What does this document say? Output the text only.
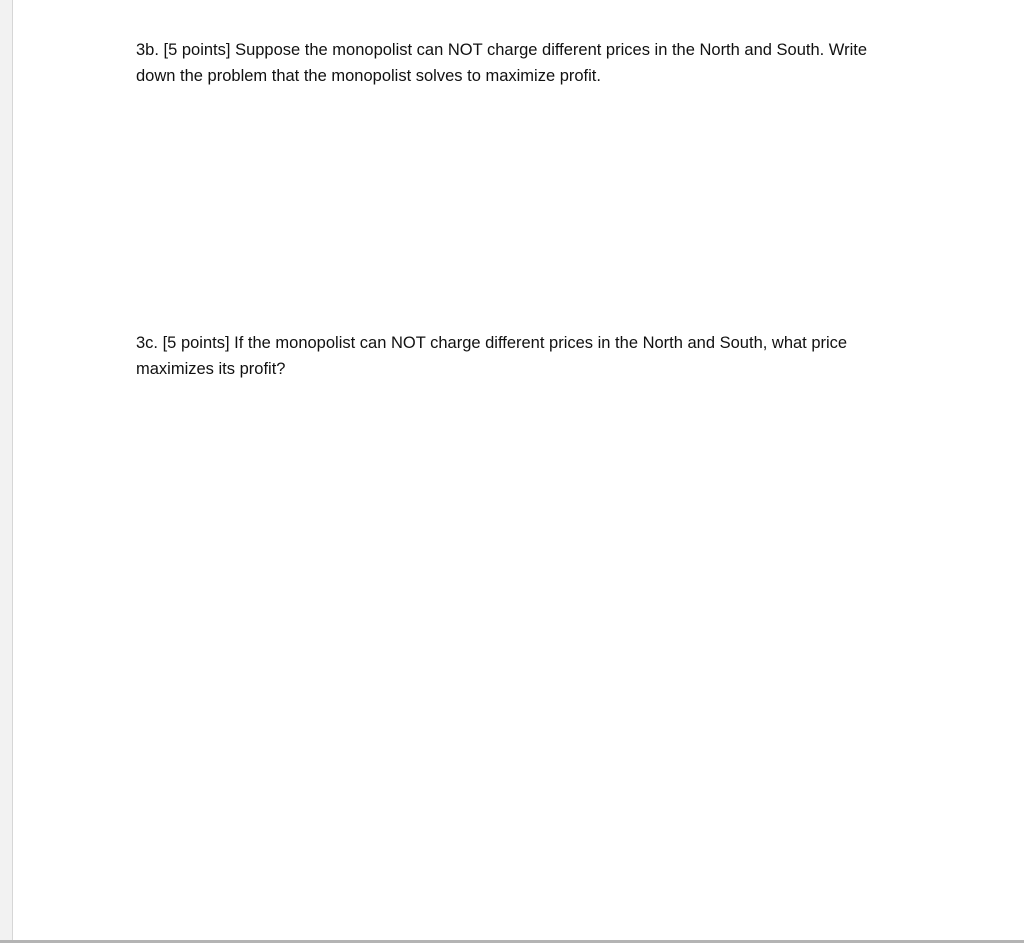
3b. [5 points] Suppose the monopolist can NOT charge different prices in the North and South. Write
down the problem that the monopolist solves to maximize profit.
3c. [5 points] If the monopolist can NOT charge different prices in the North and South, what price
maximizes its profit?
